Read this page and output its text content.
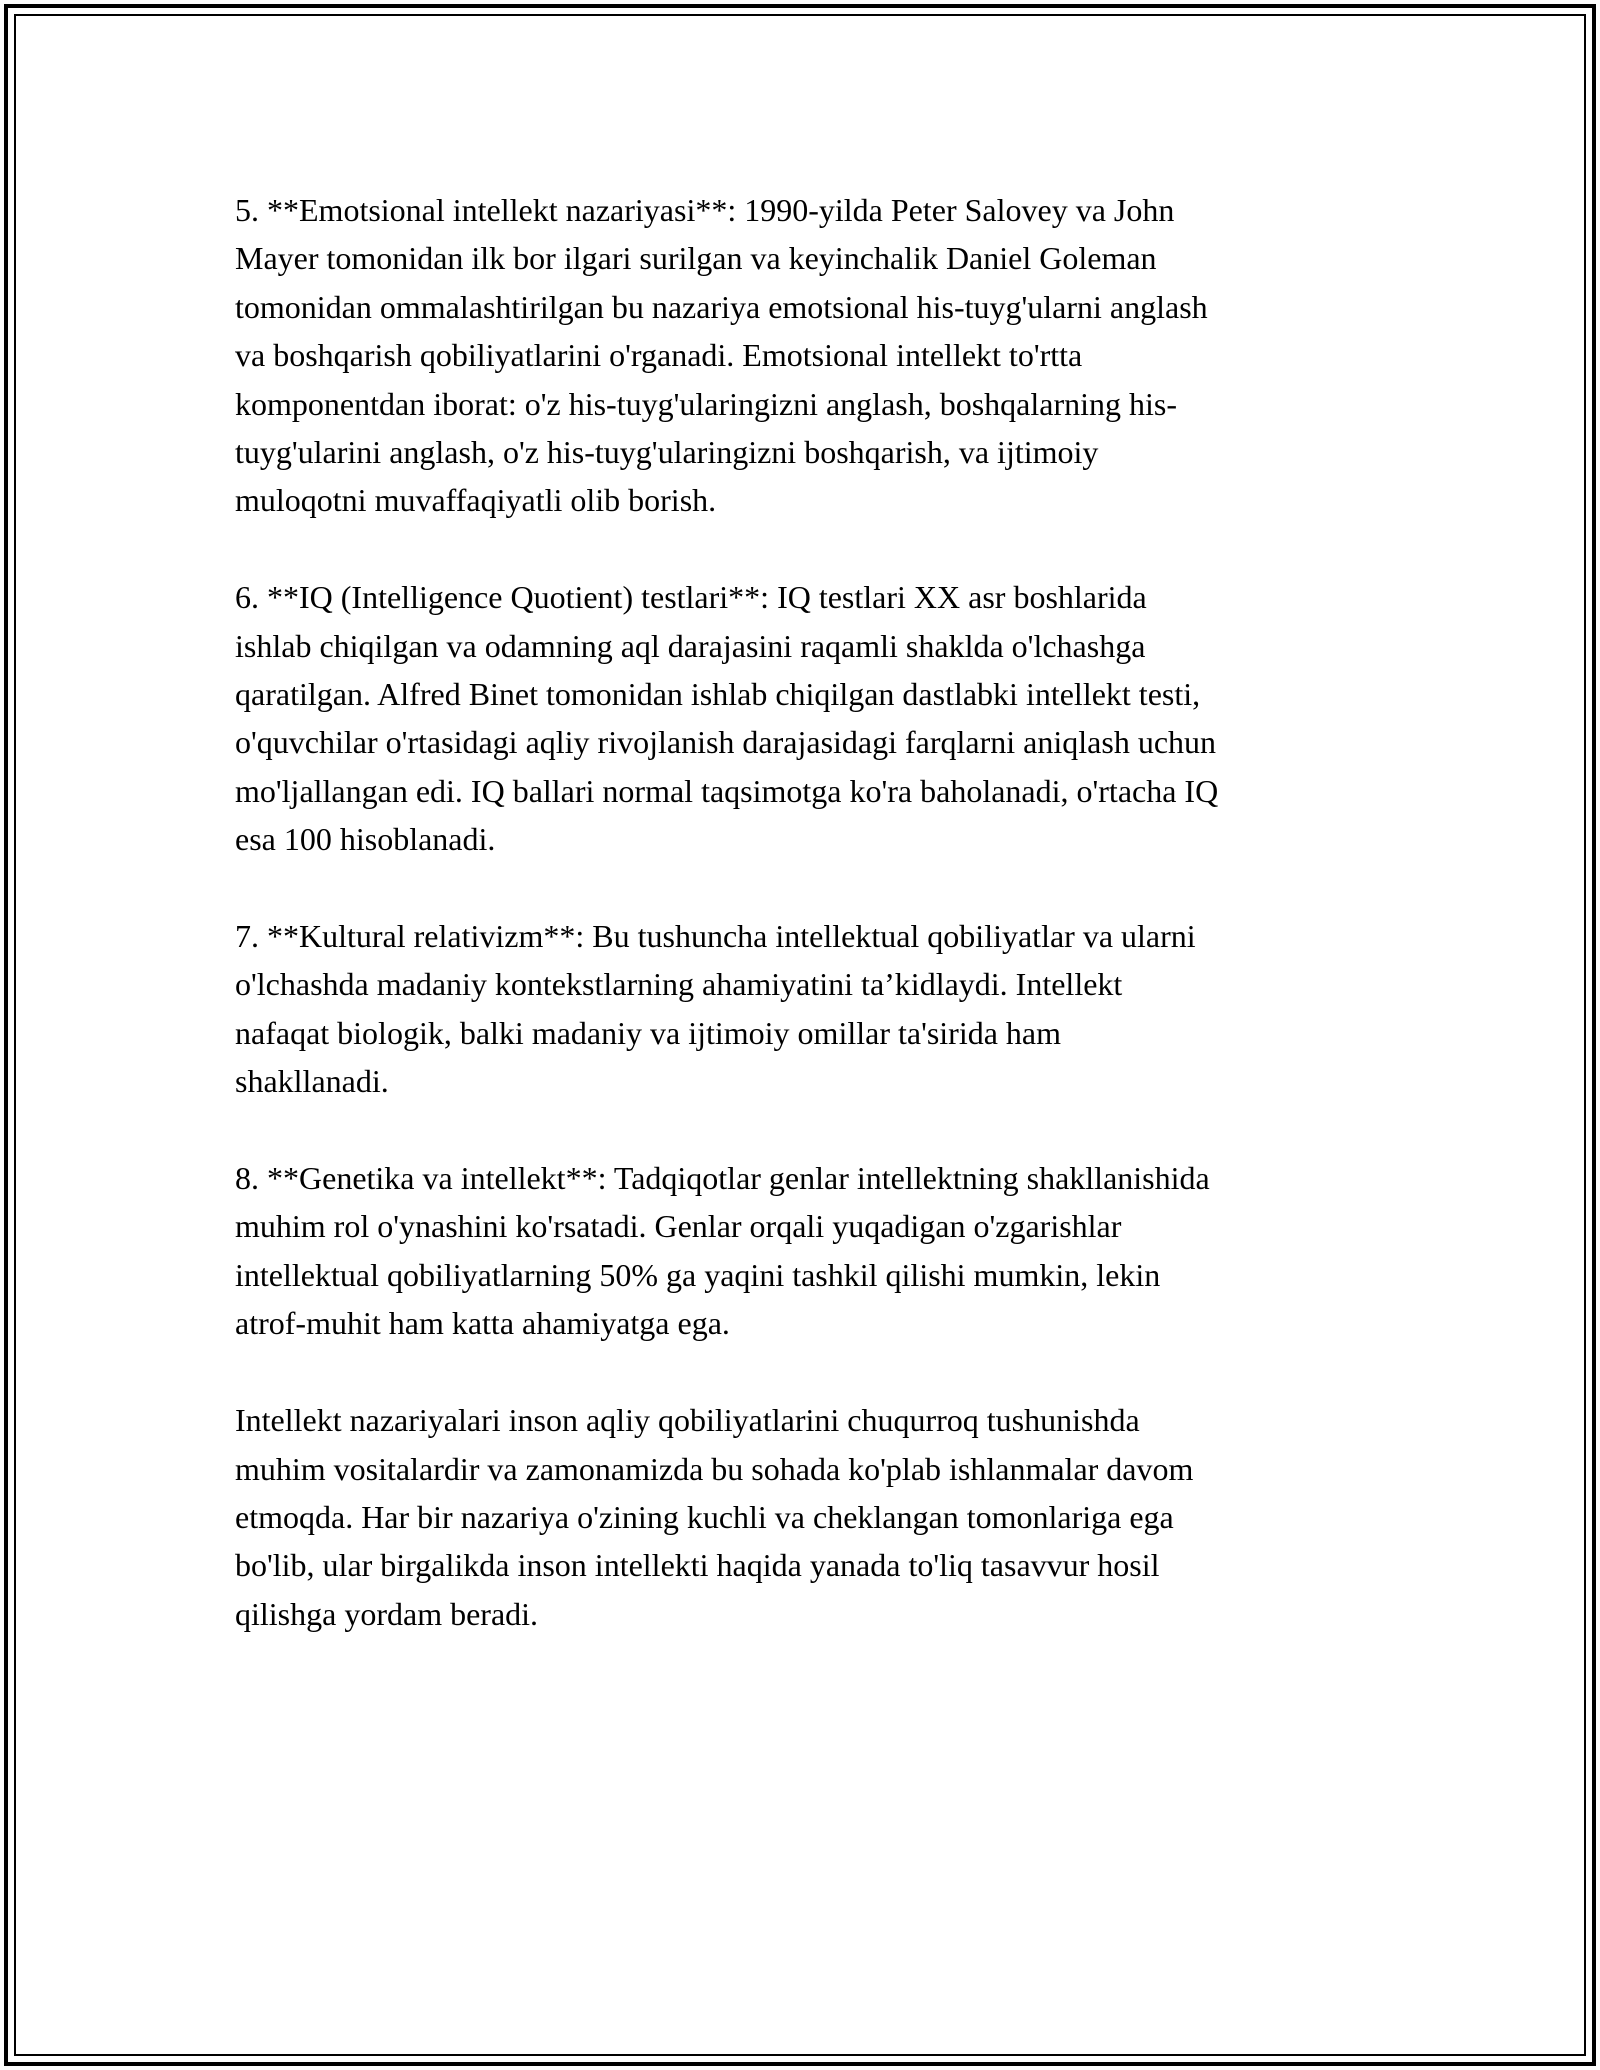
5. **Emotsional intellekt nazariyasi**: 1990-yilda Peter Salovey va John
Mayer tomonidan ilk bor ilgari surilgan va keyinchalik Daniel Goleman
tomonidan ommalashtirilgan bu nazariya emotsional his-tuyg'ularni anglash
va boshqarish qobiliyatlarini o'rganadi. Emotsional intellekt to'rtta
komponentdan iborat: o'z his-tuyg'ularingizni anglash, boshqalarning his-
tuyg'ularini anglash, o'z his-tuyg'ularingizni boshqarish, va ijtimoiy
muloqotni muvaffaqiyatli olib borish.

6. **IQ (Intelligence Quotient) testlari**: IQ testlari XX asr boshlarida
ishlab chiqilgan va odamning aql darajasini raqamli shaklda o'lchashga
qaratilgan. Alfred Binet tomonidan ishlab chiqilgan dastlabki intellekt testi,
o'quvchilar o'rtasidagi aqliy rivojlanish darajasidagi farqlarni aniqlash uchun
mo'ljallangan edi. IQ ballari normal taqsimotga ko'ra baholanadi, o'rtacha IQ
esa 100 hisoblanadi.

7. **Kultural relativizm**: Bu tushuncha intellektual qobiliyatlar va ularni
o'lchashda madaniy kontekstlarning ahamiyatini ta’kidlaydi. Intellekt
nafaqat biologik, balki madaniy va ijtimoiy omillar ta'sirida ham
shakllanadi.

8. **Genetika va intellekt**: Tadqiqotlar genlar intellektning shakllanishida
muhim rol o'ynashini ko'rsatadi. Genlar orqali yuqadigan o'zgarishlar
intellektual qobiliyatlarning 50% ga yaqini tashkil qilishi mumkin, lekin
atrof-muhit ham katta ahamiyatga ega.

Intellekt nazariyalari inson aqliy qobiliyatlarini chuqurroq tushunishda
muhim vositalardir va zamonamizda bu sohada ko'plab ishlanmalar davom
etmoqda. Har bir nazariya o'zining kuchli va cheklangan tomonlariga ega
bo'lib, ular birgalikda inson intellekti haqida yanada to'liq tasavvur hosil
qilishga yordam beradi.
